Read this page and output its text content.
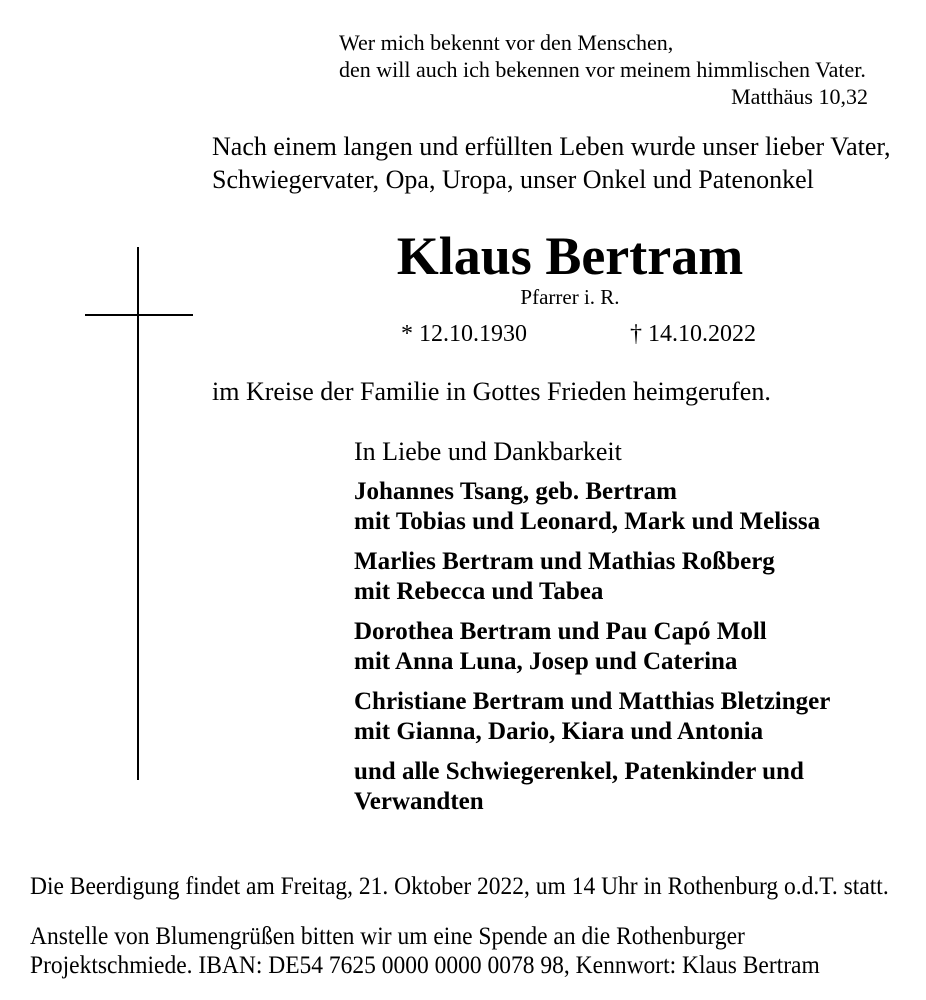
Wer mich bekennt vor den Menschen,
den will auch ich bekennen vor meinem himmlischen Vater.
Matthäus 10,32
Nach einem langen und erfüllten Leben wurde unser lieber Vater,
Schwiegervater, Opa, Uropa, unser Onkel und Patenonkel
Klaus Bertram
Pfarrer i. R.
* 12.10.1930	† 14.10.2022
im Kreise der Familie in Gottes Frieden heimgerufen.
In Liebe und Dankbarkeit
Johannes Tsang, geb. Bertram
mit Tobias und Leonard, Mark und Melissa
Marlies Bertram und Mathias Roßberg
mit Rebecca und Tabea
Dorothea Bertram und Pau Capó Moll
mit Anna Luna, Josep und Caterina
Christiane Bertram und Matthias Bletzinger
mit Gianna, Dario, Kiara und Antonia
und alle Schwiegerenkel, Patenkinder und
Verwandten
Die Beerdigung findet am Freitag, 21. Oktober 2022, um 14 Uhr in Rothenburg o.d.T. statt.
Anstelle von Blumengrüßen bitten wir um eine Spende an die Rothenburger
Projektschmiede. IBAN: DE54 7625 0000 0000 0078 98, Kennwort: Klaus Bertram
